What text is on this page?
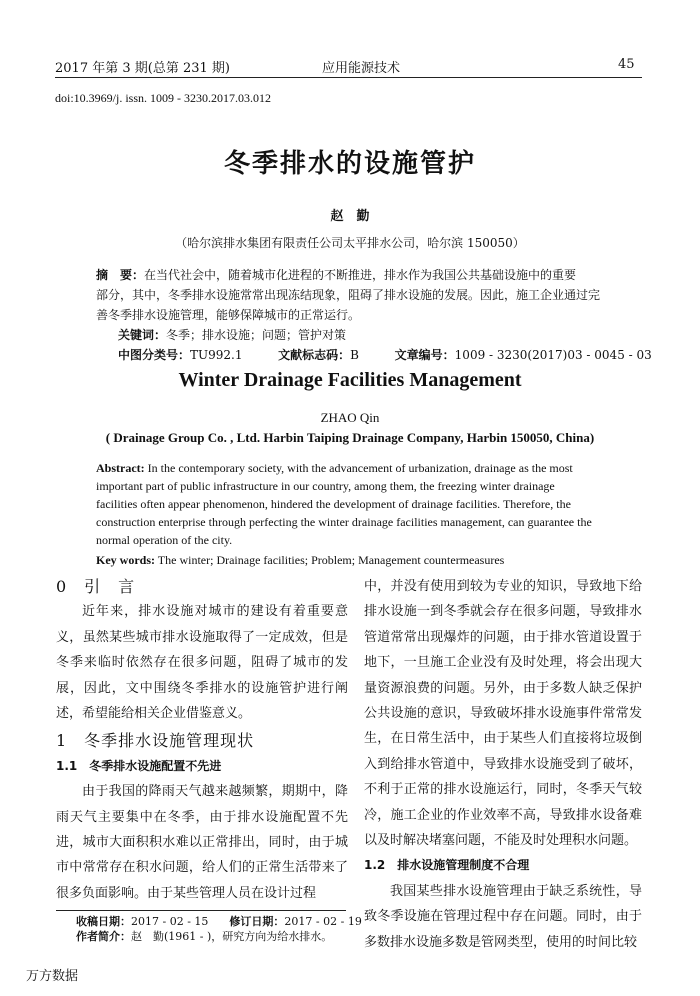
2017 年第 3 期(总第 231 期)	应用能源技术	45
doi:10.3969/j. issn. 1009 - 3230.2017.03.012
冬季排水的设施管护
赵　勤
（哈尔滨排水集团有限责任公司太平排水公司，哈尔滨 150050）
摘　要：在当代社会中，随着城市化进程的不断推进，排水作为我国公共基础设施中的重要
部分，其中，冬季排水设施常常出现冻结现象，阻碍了排水设施的发展。因此，施工企业通过完
善冬季排水设施管理，能够保障城市的正常运行。
关键词：冬季；排水设施；问题；管护对策
中图分类号：TU992.1	文献标志码：B	文章编号：1009 - 3230(2017)03 - 0045 - 03
Winter Drainage Facilities Management
ZHAO Qin
( Drainage Group Co. , Ltd. Harbin Taiping Drainage Company, Harbin 150050, China)
Abstract: In the contemporary society, with the advancement of urbanization, drainage as the most
important part of public infrastructure in our country, among them, the freezing winter drainage
facilities often appear phenomenon, hindered the development of drainage facilities. Therefore, the
construction enterprise through perfecting the winter drainage facilities management, can guarantee the
normal operation of the city.
Key words: The winter; Drainage facilities; Problem; Management countermeasures

0　引　言

近年来，排水设施对城市的建设有着重要意义，虽然某些城市排水设施取得了一定成效，但是冬季来临时依然存在很多问题，阻碍了城市的发展，因此，文中围绕冬季排水的设施管护进行阐述，希望能给相关企业借鉴意义。

1　冬季排水设施管理现状

1.1　冬季排水设施配置不先进

由于我国的降雨天气越来越频繁，期期中，降雨天气主要集中在冬季，由于排水设施配置不先进，城市大面积积水难以正常排出，同时，由于城市中常常存在积水问题，给人们的正常生活带来了很多负面影响。由于某些管理人员在设计过程

中，并没有使用到较为专业的知识，导致地下给排水设施一到冬季就会存在很多问题，导致排水管道常常出现爆炸的问题，由于排水管道设置于地下，一旦施工企业没有及时处理，将会出现大量资源浪费的问题。另外，由于多数人缺乏保护公共设施的意识，导致破坏排水设施事件常常发生，在日常生活中，由于某些人们直接将垃圾倒入到给排水管道中，导致排水设施受到了破坏，不利于正常的排水设施运行，同时，冬季天气较冷，施工企业的作业效率不高，导致排水设备难以及时解决堵塞问题，不能及时处理积水问题。

1.2　排水设施管理制度不合理

我国某些排水设施管理由于缺乏系统性，导致冬季设施在管理过程中存在问题。同时，由于多数排水设施多数是管网类型，使用的时间比较

收稿日期：2017 - 02 - 15 修订日期：2017 - 02 - 19
作者简介：赵　勤(1961 - )，研究方向为给水排水。
万方数据
